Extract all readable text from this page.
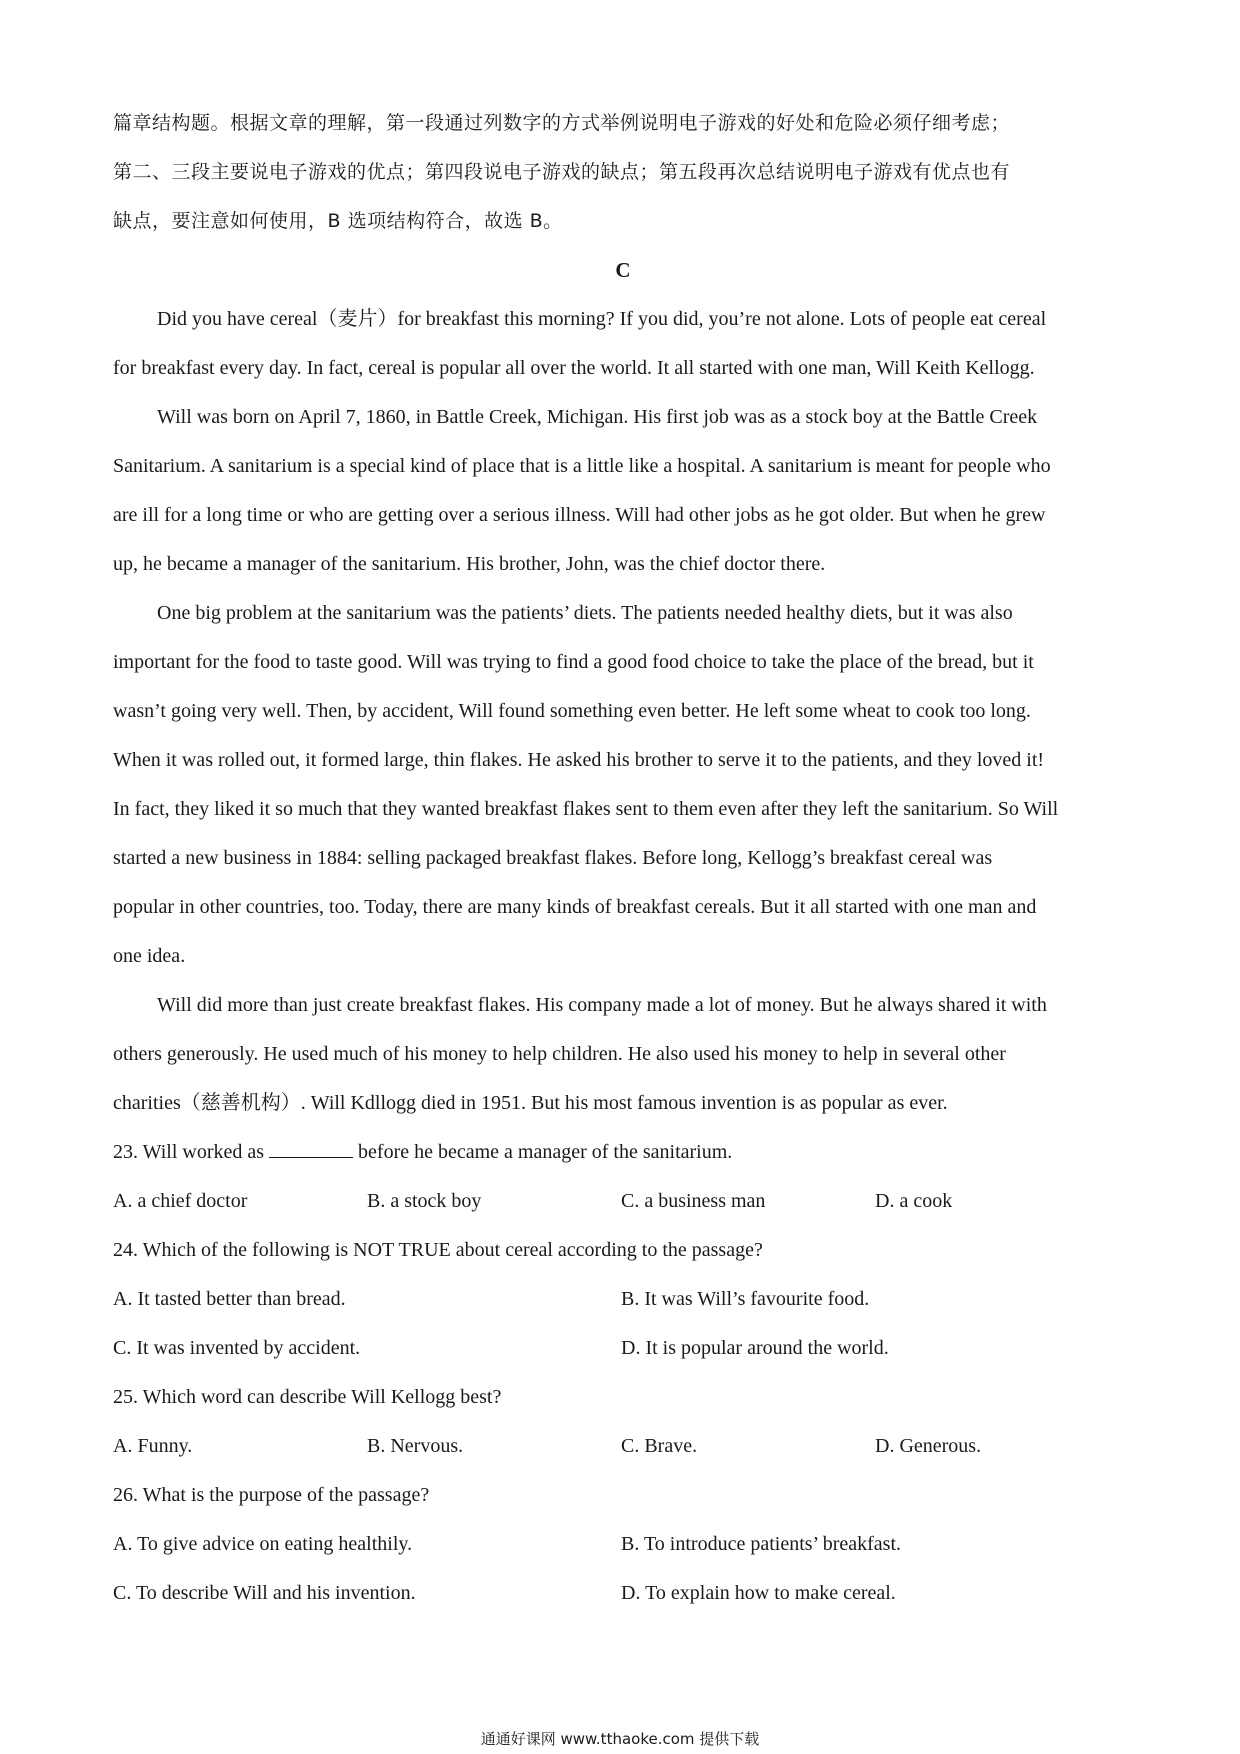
篇章结构题。根据文章的理解，第一段通过列数字的方式举例说明电子游戏的好处和危险必须仔细考虑；

第二、三段主要说电子游戏的优点；第四段说电子游戏的缺点；第五段再次总结说明电子游戏有优点也有

缺点，要注意如何使用，B 选项结构符合，故选 B。

C

Did you have cereal（麦片）for breakfast this morning? If you did, you’re not alone. Lots of people eat cereal

for breakfast every day. In fact, cereal is popular all over the world. It all started with one man, Will Keith Kellogg.

Will was born on April 7, 1860, in Battle Creek, Michigan. His first job was as a stock boy at the Battle Creek

Sanitarium. A sanitarium is a special kind of place that is a little like a hospital. A sanitarium is meant for people who

are ill for a long time or who are getting over a serious illness. Will had other jobs as he got older. But when he grew

up, he became a manager of the sanitarium. His brother, John, was the chief doctor there.

One big problem at the sanitarium was the patients’ diets. The patients needed healthy diets, but it was also

important for the food to taste good. Will was trying to find a good food choice to take the place of the bread, but it

wasn’t going very well. Then, by accident, Will found something even better. He left some wheat to cook too long.

When it was rolled out, it formed large, thin flakes. He asked his brother to serve it to the patients, and they loved it!

In fact, they liked it so much that they wanted breakfast flakes sent to them even after they left the sanitarium. So Will

started a new business in 1884: selling packaged breakfast flakes. Before long, Kellogg’s breakfast cereal was

popular in other countries, too. Today, there are many kinds of breakfast cereals. But it all started with one man and

one idea.

Will did more than just create breakfast flakes. His company made a lot of money. But he always shared it with

others generously. He used much of his money to help children. He also used his money to help in several other

charities（慈善机构）. Will Kdllogg died in 1951. But his most famous invention is as popular as ever.

23. Will worked as	before he became a manager of the sanitarium.

A. a chief doctor	B. a stock boy	C. a business man	D. a cook

24. Which of the following is NOT TRUE about cereal according to the passage?

A. It tasted better than bread.	B. It was Will’s favourite food.
C. It was invented by accident.	D. It is popular around the world.

25. Which word can describe Will Kellogg best?

A. Funny.	B. Nervous.	C. Brave.	D. Generous.

26. What is the purpose of the passage?

A. To give advice on eating healthily.	B. To introduce patients’ breakfast.
C. To describe Will and his invention.	D. To explain how to make cereal.
通通好课网 www.tthaoke.com 提供下载
